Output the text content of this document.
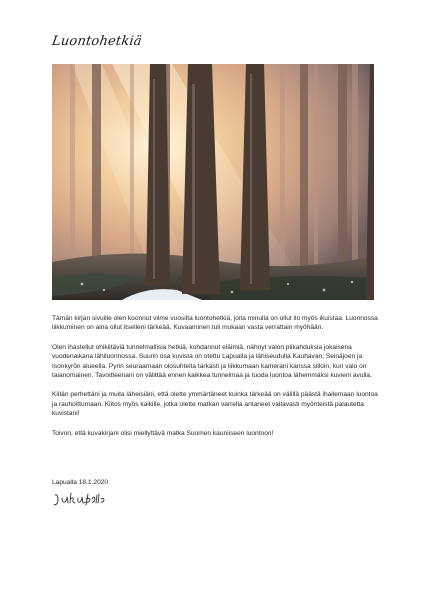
Luontohetkiä

Tämän kirjan sivuille olen koonnut viime vuosilta luontohetkiä, joita minulla on ollut ilo myös ikuistaa. Luonnossa liikkuminen on aina ollut itselleni tärkeää. Kuvaaminen tuli mukaan vasta verrattain myöhään.

Olen ihastellut ohikiitäviä tunnelmallisia hetkiä, kohdannut eläimiä, nähnyt valon piikahduksia jokaisena vuodenaikana lähiluonnossa. Suurin osa kuvista on otettu Lapualla ja lähiseudulla Kauhavan, Seinäjoen ja Isonkyrön alueella. Pyrin seuraamaan olosuhteita tarkasti ja liikkumaan kamerani kanssa silloin, kun valo on taianomainen. Tavoitteenani on välittää ennen kaikkea tunnelmaa ja tuoda luontoa lähemmäksi kuvieni avulla.

Kiitän perhettäni ja muita läheisiäni, että olette ymmärtäneet kuinka tärkeää on välillä päästä ihailemaan luontoa ja rauhoittumaan. Kiitos myös kaikille, jotka olette matkan varrella antaneet valtavasti myönteistä palautetta kuvistani!

Toivon, että kuvakirjani olisi miellyttävä matka Suomen kauniiseen luontoon!

Lapualla 18.1.2020
